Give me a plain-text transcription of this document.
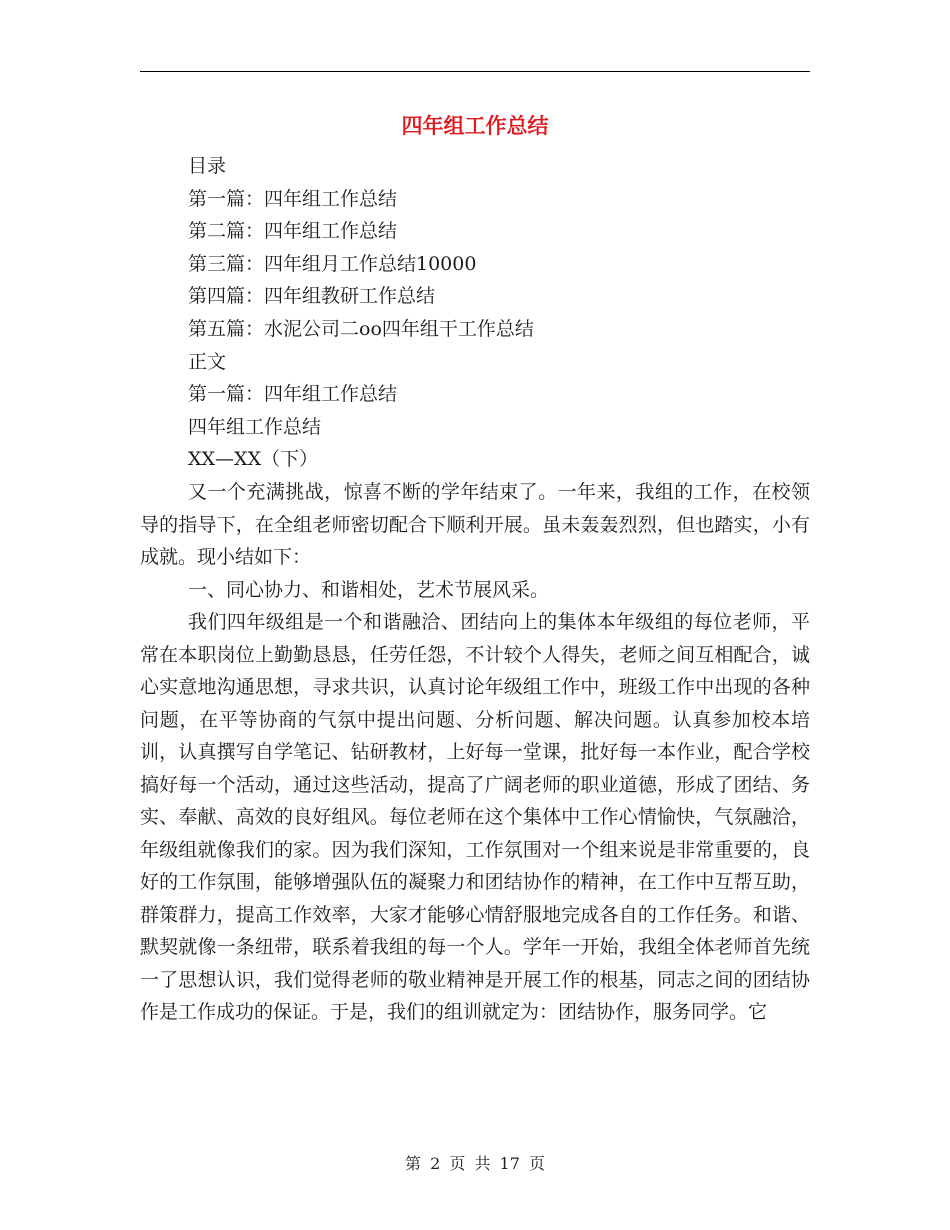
四年组工作总结
目录
第一篇：四年组工作总结
第二篇：四年组工作总结
第三篇：四年组月工作总结10000
第四篇：四年组教研工作总结
第五篇：水泥公司二oo四年组干工作总结
正文
第一篇：四年组工作总结
四年组工作总结
XX—XX（下）

又一个充满挑战，惊喜不断的学年结束了。一年来，我组的工作，在校领导的指导下，在全组老师密切配合下顺利开展。虽未轰轰烈烈，但也踏实，小有成就。现小结如下：

一、同心协力、和谐相处，艺术节展风采。

我们四年级组是一个和谐融洽、团结向上的集体本年级组的每位老师，平常在本职岗位上勤勤恳恳，任劳任怨，不计较个人得失，老师之间互相配合，诚心实意地沟通思想，寻求共识，认真讨论年级组工作中，班级工作中出现的各种问题，在平等协商的气氛中提出问题、分析问题、解决问题。认真参加校本培训，认真撰写自学笔记、钻研教材，上好每一堂课，批好每一本作业，配合学校搞好每一个活动，通过这些活动，提高了广阔老师的职业道德，形成了团结、务实、奉献、高效的良好组风。每位老师在这个集体中工作心情愉快，气氛融洽，年级组就像我们的家。因为我们深知，工作氛围对一个组来说是非常重要的，良好的工作氛围，能够增强队伍的凝聚力和团结协作的精神，在工作中互帮互助，群策群力，提高工作效率，大家才能够心情舒服地完成各自的工作任务。和谐、默契就像一条纽带，联系着我组的每一个人。学年一开始，我组全体老师首先统一了思想认识，我们觉得老师的敬业精神是开展工作的根基，同志之间的团结协作是工作成功的保证。于是，我们的组训就定为：团结协作，服务同学。它

第 2 页 共 17 页
